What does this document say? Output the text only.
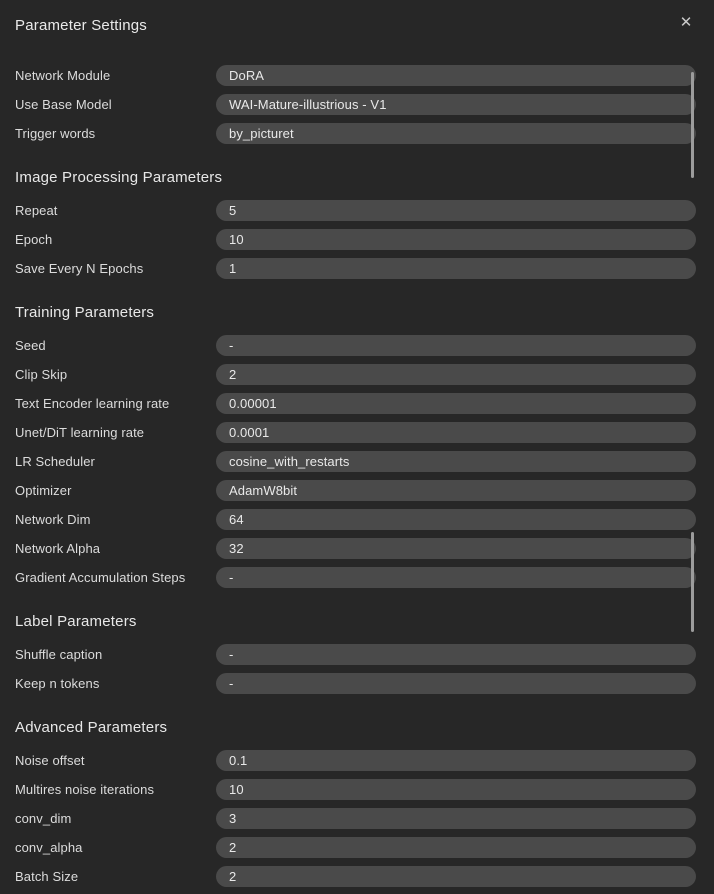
Parameter Settings	✕
Network Module	DoRA
Use Base Model	WAI-Mature-illustrious - V1
Trigger words	by_picturet
Image Processing Parameters
Repeat	5
Epoch	10
Save Every N Epochs	1
Training Parameters
Seed	-
Clip Skip	2
Text Encoder learning rate	0.00001
Unet/DiT learning rate	0.0001
LR Scheduler	cosine_with_restarts
Optimizer	AdamW8bit
Network Dim	64
Network Alpha	32
Gradient Accumulation Steps	-
Label Parameters
Shuffle caption	-
Keep n tokens	-
Advanced Parameters
Noise offset	0.1
Multires noise iterations	10
conv_dim	3
conv_alpha	2
Batch Size	2
